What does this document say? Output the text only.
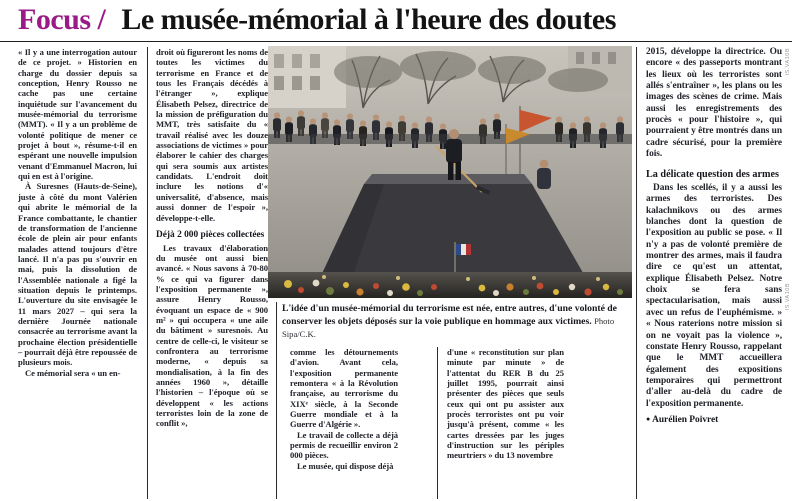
Focus / Le musée-mémorial à l'heure des doutes

« Il y a une interrogation autour de ce projet. » Historien en charge du dossier depuis sa conception, Henry Rousso ne cache pas une certaine inquiétude sur l'avancement du musée-mémorial du terrorisme (MMT). « Il y a un problème de volonté politique de mener ce projet à bout », résume-t-il en espérant une nouvelle impulsion venant d'Emmanuel Macron, lui qui en est à l'origine.

À Suresnes (Hauts-de-Seine), juste à côté du mont Valérien qui abrite le mémorial de la France combattante, le chantier de transformation de l'ancienne école de plein air pour enfants malades attend toujours d'être lancé. Il n'a pas pu s'ouvrir en mai, puis la dissolution de l'Assemblée nationale a figé la situation depuis le printemps. L'ouverture du site envisagée le 11 mars 2027 – qui sera la dernière Journée nationale consacrée au terrorisme avant la prochaine élection présidentielle – pourrait déjà être repoussée de plusieurs mois.

Ce mémorial sera « un en-

droit où figureront les noms de toutes les victimes du terrorisme en France et de tous les Français décédés à l'étranger », explique Élisabeth Pelsez, directrice de la mission de préfiguration du MMT, très satisfaite du « travail réalisé avec les douze associations de victimes » pour élaborer le cahier des charges qui sera soumis aux artistes candidats. L'endroit doit inclure les notions d'« universalité, d'absence, mais aussi donner de l'espoir », développe-t-elle.

Déjà 2 000 pièces collectées

Les travaux d'élaboration du musée ont aussi bien avancé. « Nous savons à 70-80 % ce qui va figurer dans l'exposition permanente », assure Henry Rousso, évoquant un espace de « 900 m² » qui occupera « une aile du bâtiment » suresnois. Au centre de celle-ci, le visiteur se confrontera au terrorisme moderne, « depuis sa mondialisation, à la fin des années 1960 », détaille l'historien – l'époque où se développent « les actions terroristes loin de la zone de conflit »,

comme les détournements d'avion. Avant cela, l'exposition permanente remontera « à la Révolution française, au terrorisme du XIXᵉ siècle, à la Seconde Guerre mondiale et à la Guerre d'Algérie ».

Le travail de collecte a déjà permis de recueillir environ 2 000 pièces.

Le musée, qui dispose déjà

d'une « reconstitution sur plan minute par minute » de l'attentat du RER B du 25 juillet 1995, pourrait ainsi présenter des pièces que seuls ceux qui ont pu assister aux procès terroristes ont pu voir jusqu'à présent, comme « les cartes dressées par les juges d'instruction sur les périples meurtriers » du 13 novembre

2015, développe la directrice. Ou encore « des passeports montrant les lieux où les terroristes sont allés s'entraîner », les plans ou les images des scènes de crime. Mais aussi les enregistrements des procès « pour l'histoire », qui pourraient y être montrés dans un cadre sécurisé, pour la première fois.

La délicate question des armes

Dans les scellés, il y a aussi les armes des terroristes. Des kalachnikovs ou des armes blanches dont la question de l'exposition au public se pose. « Il n'y a pas de volonté première de montrer des armes, mais il faudra dire ce qu'est un attentat, explique Élisabeth Pelsez. Notre choix se fera sans spectacularisation, mais aussi avec un refus de l'euphémisme. » « Nous raterions notre mission si on ne voyait pas la violence », constate Henry Rousso, rappelant que le MMT accueillera également des expositions temporaires qui permettront d'aller au-delà du cadre de l'exposition permanente.

● Aurélien Poivret

L'idée d'un musée-mémorial du terrorisme est née, entre autres, d'une volonté de conserver les objets déposés sur la voie publique en hommage aux victimes. Photo Sipa/C.K.
IS.VA10B
IS.VA10B
